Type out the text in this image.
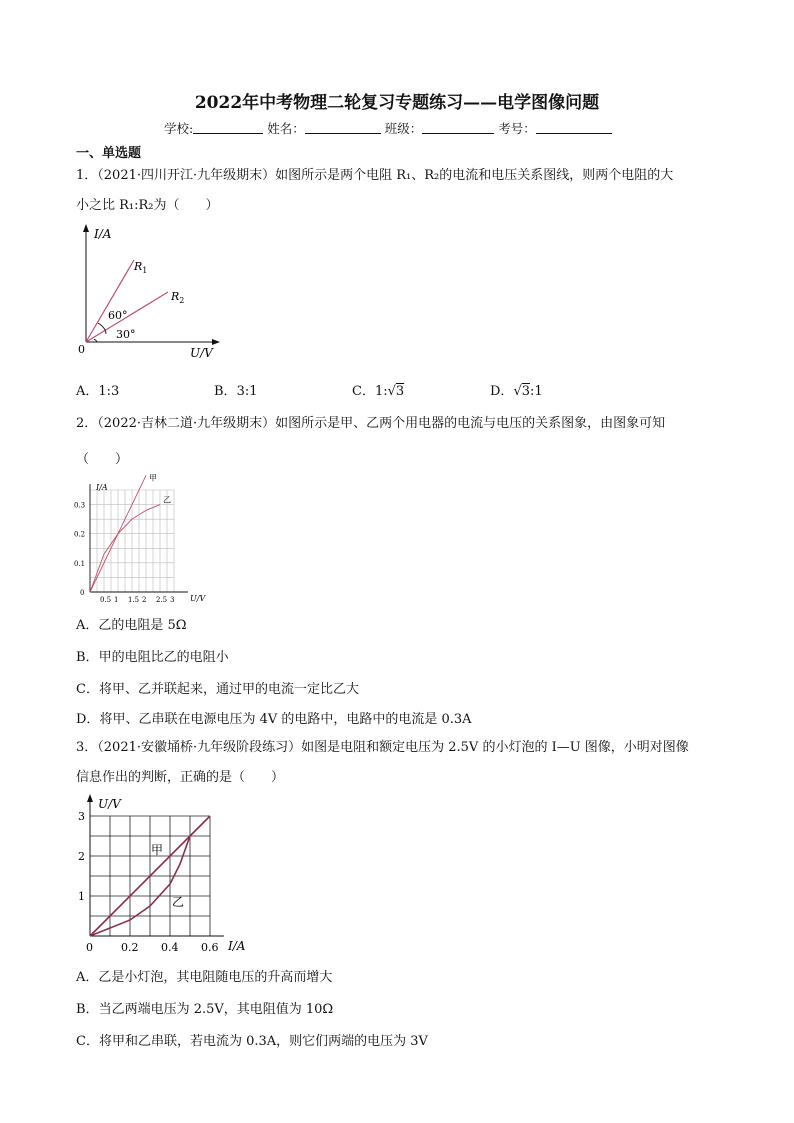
2022年中考物理二轮复习专题练习——电学图像问题
学校:	姓名：	班级：	考号：
一、单选题
1．（2021·四川开江·九年级期末）如图所示是两个电阻 R₁、R₂的电流和电压关系图线，则两个电阻的大
小之比 R₁:R₂为（　　）
I/A
U/V
0
$R_1$
$R_2$
60°
30°
A．1:3	B．3:1	C．1:√3	D．√3:1
2．（2022·吉林二道·九年级期末）如图所示是甲、乙两个用电器的电流与电压的关系图象，由图象可知
（　　）
I/A
U/V
0
0.5 1 1.5 2 2.5 3
0.1
0.2
0.3
甲
乙
A．乙的电阻是 5Ω
B．甲的电阻比乙的电阻小
C．将甲、乙并联起来，通过甲的电流一定比乙大
D．将甲、乙串联在电源电压为 4V 的电路中，电路中的电流是 0.3A
3．（2021·安徽埇桥·九年级阶段练习）如图是电阻和额定电压为 2.5V 的小灯泡的 I—U 图像，小明对图像
信息作出的判断，正确的是（　　）
U/V
I/A
0	0.2 0.4 0.6
1
2
3
甲
乙
A．乙是小灯泡，其电阻随电压的升高而增大
B．当乙两端电压为 2.5V，其电阻值为 10Ω
C．将甲和乙串联，若电流为 0.3A，则它们两端的电压为 3V
